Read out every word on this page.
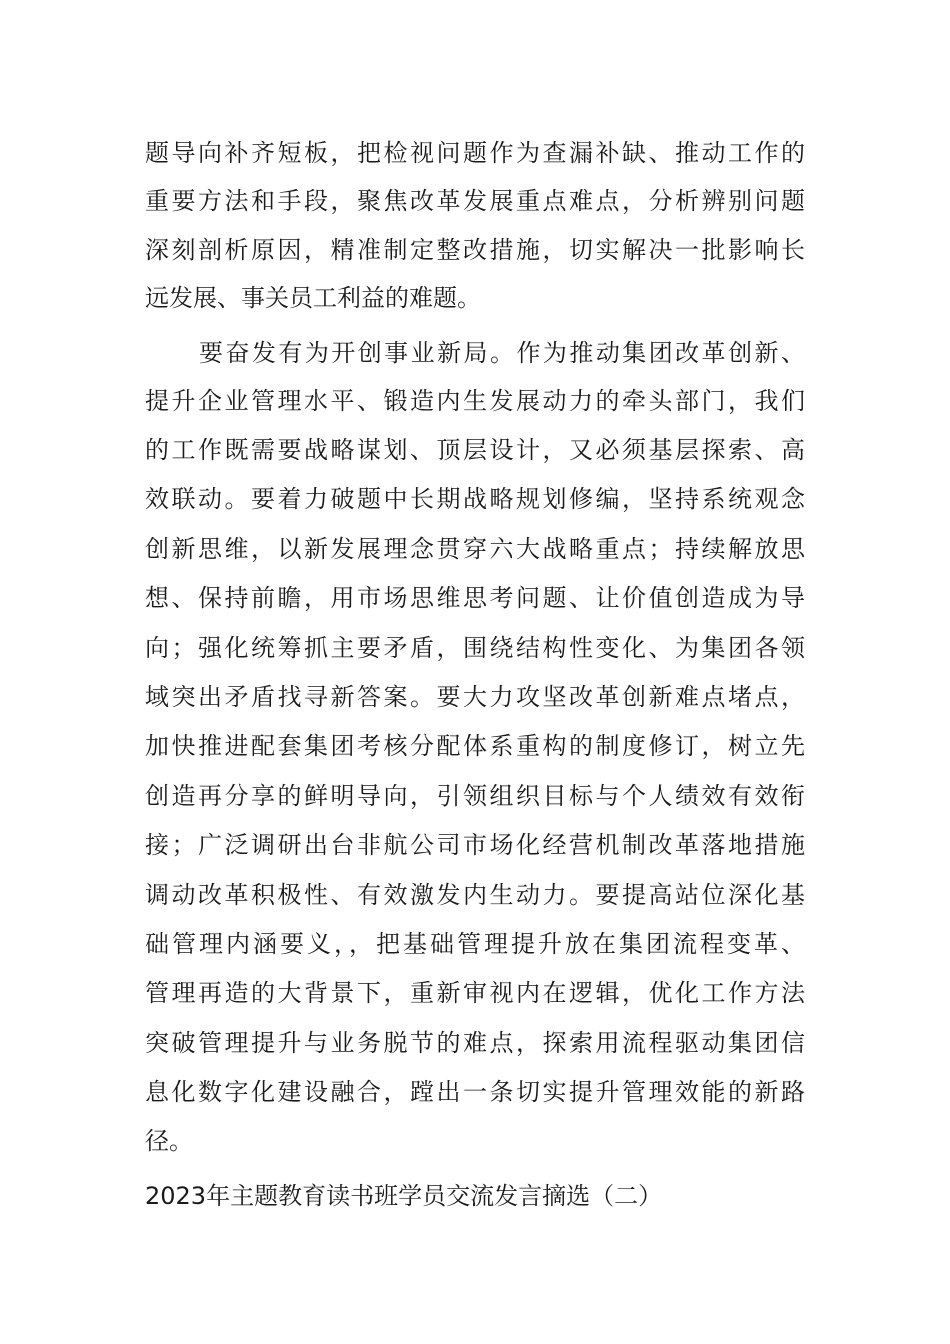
题导向补齐短板，把检视问题作为查漏补缺、推动工作的
重要方法和手段，聚焦改革发展重点难点，分析辨别问题
深刻剖析原因，精准制定整改措施，切实解决一批影响长
远发展、事关员工利益的难题。
要奋发有为开创事业新局。作为推动集团改革创新、
提升企业管理水平、锻造内生发展动力的牵头部门，我们
的工作既需要战略谋划、顶层设计，又必须基层探索、高
效联动。要着力破题中长期战略规划修编，坚持系统观念
创新思维，以新发展理念贯穿六大战略重点；持续解放思
想、保持前瞻，用市场思维思考问题、让价值创造成为导
向；强化统筹抓主要矛盾，围绕结构性变化、为集团各领
域突出矛盾找寻新答案。要大力攻坚改革创新难点堵点，
加快推进配套集团考核分配体系重构的制度修订，树立先
创造再分享的鲜明导向，引领组织目标与个人绩效有效衔
接；广泛调研出台非航公司市场化经营机制改革落地措施
调动改革积极性、有效激发内生动力。要提高站位深化基
础管理内涵要义，，把基础管理提升放在集团流程变革、
管理再造的大背景下，重新审视内在逻辑，优化工作方法
突破管理提升与业务脱节的难点，探索用流程驱动集团信
息化数字化建设融合，蹚出一条切实提升管理效能的新路
径。
2023年主题教育读书班学员交流发言摘选（二）
